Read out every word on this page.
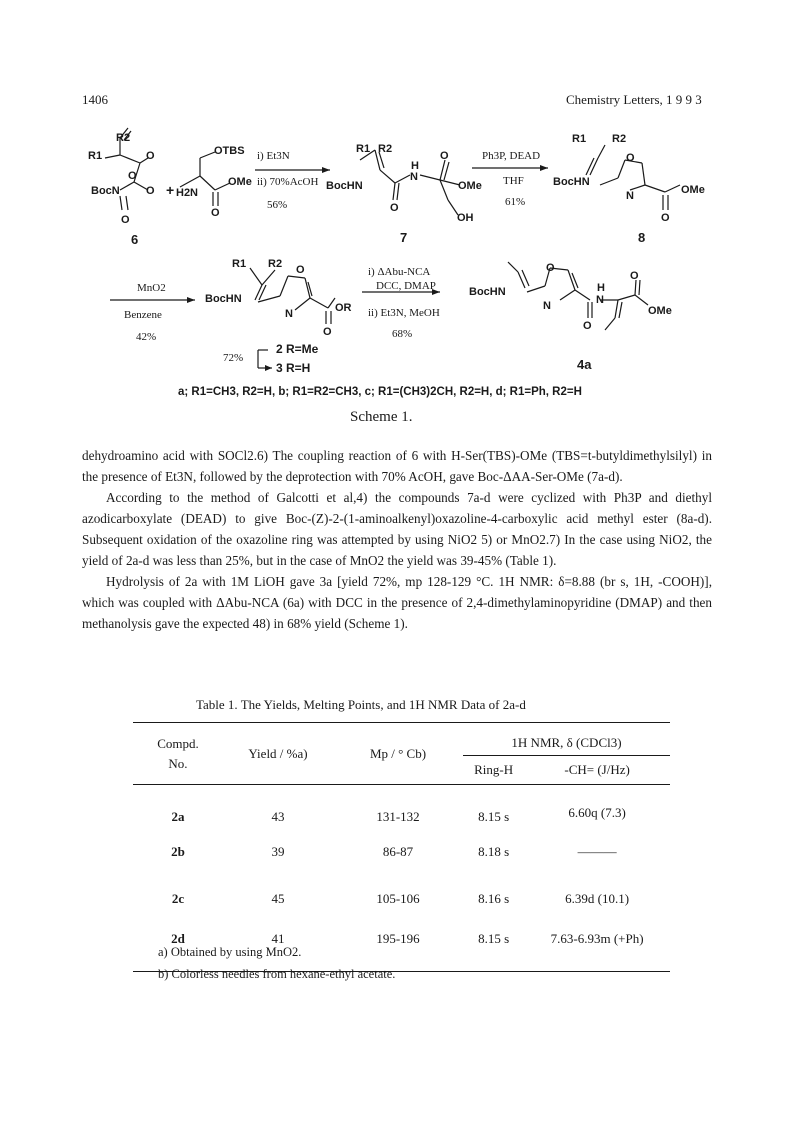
1406	Chemistry Letters, 1 9 9 3
R2
R1	O
BocN O
O
O
6
+
OTBS
H2N
OMe
O
i) Et3N
ii) 70%AcOH
56%
R1 R2
H
N
O
BocHN	OMe
O
OH
7
Ph3P, DEAD
THF
61%
R1 R2
O
BocHN
N	OMe
O
8
MnO2
Benzene
42%
R1 R2 O
BocHN
N	OR
O
2 R=Me
3 R=H
72%
i) ΔAbu-NCA
DCC, DMAP
ii) Et3N, MeOH
68%
O
BocHN	H
N
O
N	OMe
O
4a
a; R1=CH3, R2=H, b; R1=R2=CH3, c; R1=(CH3)2CH, R2=H, d; R1=Ph, R2=H
Scheme 1.

dehydroamino acid with SOCl2.6) The coupling reaction of 6 with H-Ser(TBS)-OMe (TBS=t-butyldimethylsilyl) in the presence of Et3N, followed by the deprotection with 70% AcOH, gave Boc-ΔAA-Ser-OMe (7a-d).

According to the method of Galcotti et al,4) the compounds 7a-d were cyclized with Ph3P and diethyl azodicarboxylate (DEAD) to give Boc-(Z)-2-(1-aminoalkenyl)oxazoline-4-carboxylic acid methyl ester (8a-d). Subsequent oxidation of the oxazoline ring was attempted by using NiO2 5) or MnO2.7) In the case using NiO2, the yield of 2a-d was less than 25%, but in the case of MnO2 the yield was 39-45% (Table 1).

Hydrolysis of 2a with 1M LiOH gave 3a [yield 72%, mp 128-129 °C. 1H NMR: δ=8.88 (br s, 1H, -COOH)], which was coupled with ΔAbu-NCA (6a) with DCC in the presence of 2,4-dimethylaminopyridine (DMAP) and then methanolysis gave the expected 48) in 68% yield (Scheme 1).

Table 1. The Yields, Melting Points, and 1H NMR Data of 2a-d
Compd.
No.	Yield / %a)	Mp / ° Cb)	1H NMR, δ (CDCl3)	
			Ring-H	-CH= (J/Hz)
2a	43	131-132	8.15 s	6.60q (7.3)
2b	39	86-87	8.18 s	———
2c	45	105-106	8.16 s	6.39d (10.1)
2d	41	195-196	8.15 s	7.63-6.93m (+Ph)

a) Obtained by using MnO2.
b) Colorless needles from hexane-ethyl acetate.
